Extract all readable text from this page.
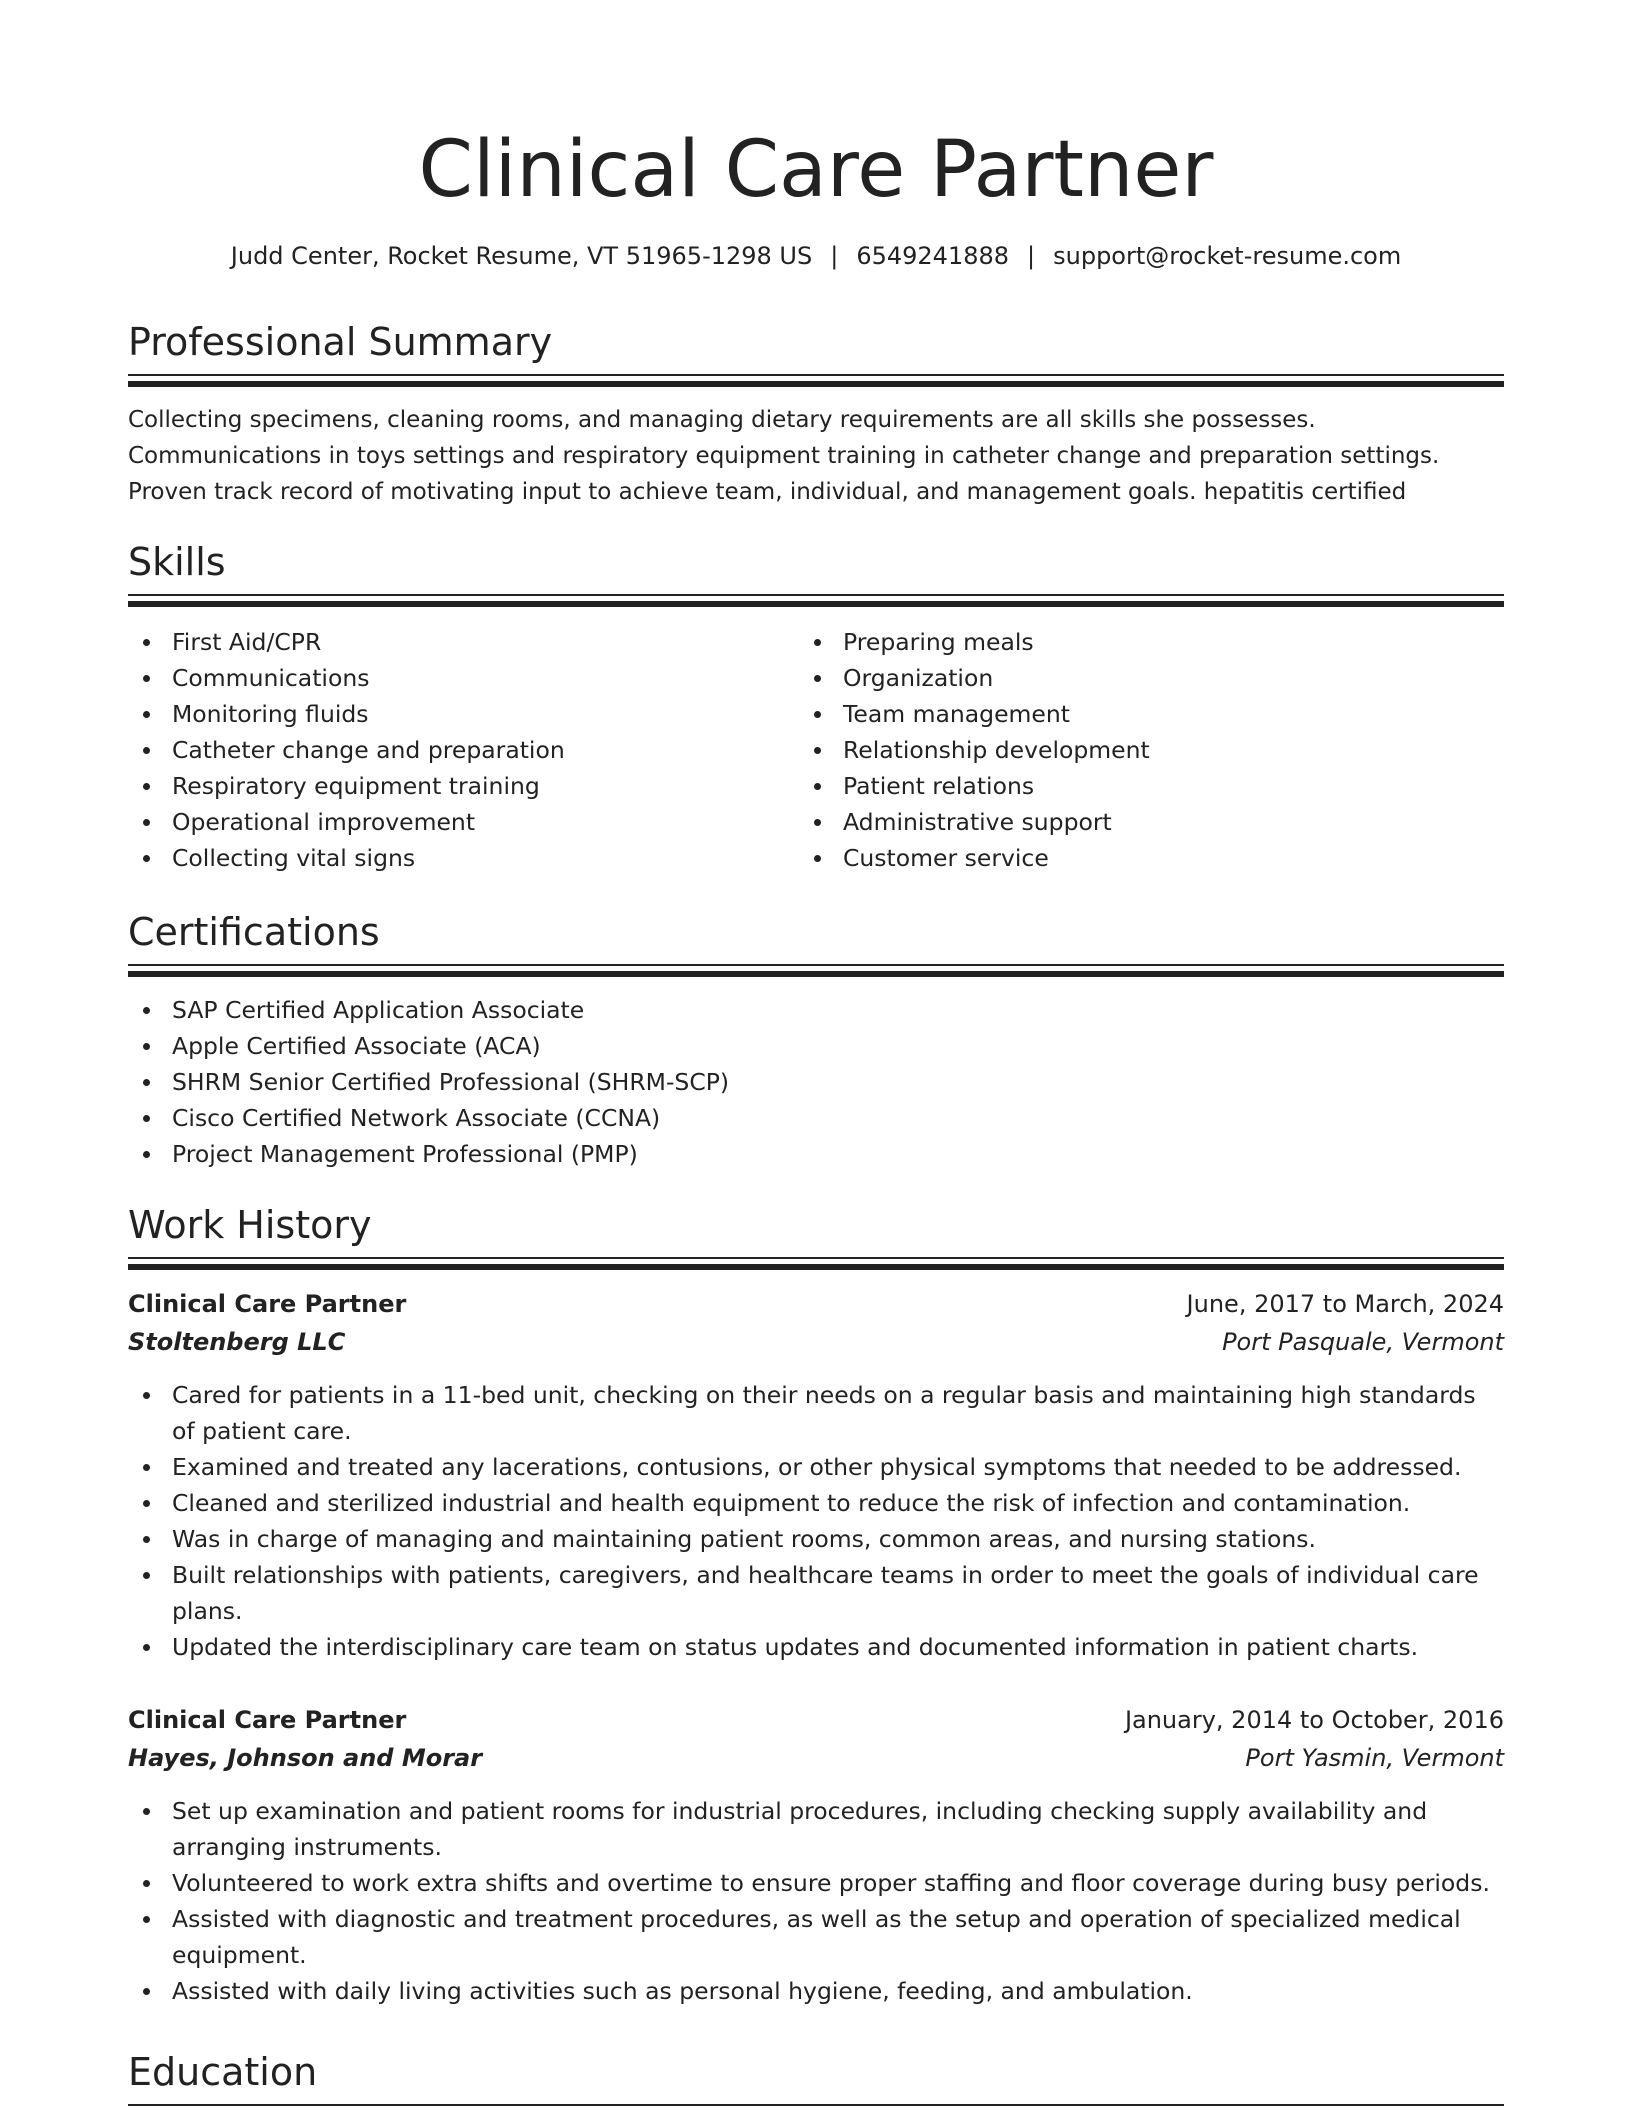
Clinical Care Partner
Judd Center, Rocket Resume, VT 51965-1298 US | 6549241888 | support@rocket-resume.com
Professional Summary

Collecting specimens, cleaning rooms, and managing dietary requirements are all skills she possesses.
Communications in toys settings and respiratory equipment training in catheter change and preparation settings.
Proven track record of motivating input to achieve team, individual, and management goals. hepatitis certified

Skills
First Aid/CPR
Communications
Monitoring fluids
Catheter change and preparation
Respiratory equipment training
Operational improvement
Collecting vital signs
Preparing meals
Organization
Team management
Relationship development
Patient relations
Administrative support
Customer service
Certifications
SAP Certified Application Associate
Apple Certified Associate (ACA)
SHRM Senior Certified Professional (SHRM-SCP)
Cisco Certified Network Associate (CCNA)
Project Management Professional (PMP)
Work History
Clinical Care Partner	June, 2017 to March, 2024
Stoltenberg LLC	Port Pasquale, Vermont
Cared for patients in a 11-bed unit, checking on their needs on a regular basis and maintaining high standards of patient care.
Examined and treated any lacerations, contusions, or other physical symptoms that needed to be addressed.
Cleaned and sterilized industrial and health equipment to reduce the risk of infection and contamination.
Was in charge of managing and maintaining patient rooms, common areas, and nursing stations.
Built relationships with patients, caregivers, and healthcare teams in order to meet the goals of individual care plans.
Updated the interdisciplinary care team on status updates and documented information in patient charts.
Clinical Care Partner	January, 2014 to October, 2016
Hayes, Johnson and Morar	Port Yasmin, Vermont
Set up examination and patient rooms for industrial procedures, including checking supply availability and arranging instruments.
Volunteered to work extra shifts and overtime to ensure proper staffing and floor coverage during busy periods.
Assisted with diagnostic and treatment procedures, as well as the setup and operation of specialized medical equipment.
Assisted with daily living activities such as personal hygiene, feeding, and ambulation.
Education
